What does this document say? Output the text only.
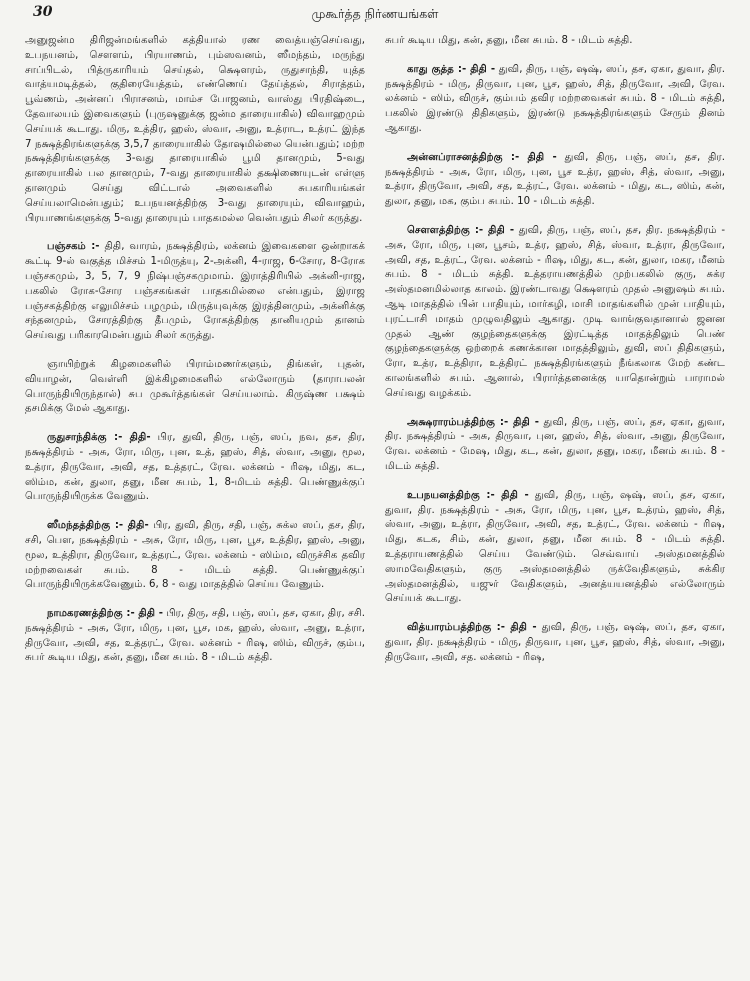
30	முகூர்த்த நிர்ணயங்கள்

அனுஜன்ம திரிஜன்மங்களில் கத்தியால் ரண வைத்யஞ்செய்வது, உபநயனம், சௌளம், பிரயாணம், பும்ஸவனம், ஸீமந்தம், மருந்து சாப்பிடல், பித்ருகாரியம் செய்தல், க்ஷௌரம், ருதுசாந்தி, யுத்த வாத்யமடித்தல், குதிரையேத்தம், எண்ணெய் தேய்த்தல், சிராத்தம், பூவ்ணம், அன்னப் பிராசனம், மாம்ச போஜனம், வாஸ்து பிரதிஷ்டை, தேவாலயம் இவைகளும் (புருஷனுக்கு ஜன்ம தாரையாகில்) விவாஹமும் செய்யக் கூடாது. மிரு, உத்திர, ஹஸ், ஸ்வா, அனு, உத்ராட, உத்ரட் இந்த 7 நக்ஷத்திரங்களுக்கு 3,5,7 தாரையாகில் தோஷமில்லை யென்பதும்; மற்ற நக்ஷத்திரங்களுக்கு 3-வது தாரையாகில் பூமி தானமும், 5-வது தாரையாகில் பல தானமும், 7-வது தாரையாகில் தக்ஷிணையுடன் எள்ளு தானமும் செய்து விட்டால் அவைகளில் சுபகாரியங்கள் செய்யலாமென்பதும்; உபநயனத்திற்கு 3-வது தாரையும், விவாஹம், பிரயாணங்களுக்கு 5-வது தாரையும் பாதகமல்ல வென்பதும் சிலர் கருத்து.

பஞ்சகம் :- திதி, வாரம், நக்ஷத்திரம், லக்னம் இவைகளை ஒன்றாகக் கூட்டி 9-ல் வகுத்த மிச்சம் 1-மிருத்யு, 2-அக்னி, 4-ராஜ, 6-சோர, 8-ரோக பஞ்சகமும், 3, 5, 7, 9 நிஷ்பஞ்சகமுமாம். இராத்திரியில் அக்னி-ராஜ, பகலில் ரோக-சோர பஞ்சகங்கள் பாதகமில்லை என்பதும், இராஜ பஞ்சகத்திற்கு எலுமிச்சம் பழமும், மிருத்யுவுக்கு இரத்தினமும், அக்னிக்கு சந்தனமும், சோரத்திற்கு தீபமும், ரோகத்திற்கு தானியமும் தானம் செய்வது பரிகாரமென்பதும் சிலர் கருத்து.

ஞாயிற்றுக் கிழமைகளில் பிராம்மணர்களும், திங்கள், புதன், வியாழன், வெள்ளி இக்கிழமைகளில் எல்லோரும் (தாராபலன் பொருந்தியிருந்தால்) சுப முகூர்த்தங்கள் செய்யலாம். கிருஷ்ண பக்ஷம் தசமிக்கு மேல் ஆகாது.

ருதுசாந்திக்கு :- திதி- பிர, துவி, திரு, பஞ், ஸப், நவ, தச, திர, நக்ஷத்திரம் - அசு, ரோ, மிரு, புன, உத், ஹஸ், சித், ஸ்வா, அனு, மூல, உத்ரா, திருவோ, அவி, சத, உத்தரட், ரேவ. லக்னம் - ரிஷ, மிது, கட, ஸிம்ம, கன், துலா, தனு, மீன சுபம், 1, 8-மிடம் சுத்தி. பெண்ணுக்குப் பொருந்தியிருக்க வேணும்.

ஸீமந்தத்திற்கு :- திதி- பிர, துவி, திரு, சதி, பஞ், சுக்ல ஸப், தச, திர, சசி, பௌ, நக்ஷத்திரம் - அசு, ரோ, மிரு, புன, பூச, உத்திர, ஹஸ், அனு, மூல, உத்திரா, திருவோ, உத்தரட், ரேவ. லக்னம் - ஸிம்ம, விருச்சிக தவிர மற்றவைகள் சுபம். 8 - மிடம் சுத்தி. பெண்ணுக்குப் பொருந்தியிருக்கவேணும். 6, 8 - வது மாதத்தில் செய்ய வேணும்.

நாமகரணத்திற்கு :- திதி - பிர, திரு, சதி, பஞ், ஸப், தச, ஏகா, திர, சசி. நக்ஷத்திரம் - அசு, ரோ, மிரு, புன, பூச, மக, ஹஸ், ஸ்வா, அனு, உத்ரா, திருவோ, அவி, சத, உத்தரட், ரேவ. லக்னம் - ரிஷ, ஸிம், விருச், கும்ப, சுபர் கூடிய மிது, கன், தனு, மீன சுபம். 8 - மிடம் சுத்தி.

சுபர் கூடிய மிது, கன், தனு, மீன சுபம். 8 - மிடம் சுத்தி.

காது குத்த :- திதி - துவி, திரு, பஞ், ஷஷ், ஸப், தச, ஏகா, துவா, திர. நக்ஷத்திரம் - மிரு, திருவா, புன, பூச, ஹஸ், சித், திருவோ, அவி, ரேவ. லக்னம் - ஸிம், விருச், கும்பம் தவிர மற்றவைகள் சுபம். 8 - மிடம் சுத்தி, பகலில் இரண்டு திதிகளும், இரண்டு நக்ஷத்திரங்களும் சேரும் தினம் ஆகாது.

அன்னப்ராசனத்திற்கு :- திதி - துவி, திரு, பஞ், ஸப், தச, திர. நக்ஷத்திரம் - அசு, ரோ, மிரு, புன, பூச உத்ர, ஹஸ், சித், ஸ்வா, அனு, உத்ரா, திருவோ, அவி, சத, உத்ரட், ரேவ. லக்னம் - மிது, கட, ஸிம், கன், துலா, தனு, மக, கும்ப சுபம். 10 - மிடம் சுத்தி.

சௌளத்திற்கு :- திதி - துவி, திரு, பஞ், ஸப், தச, திர. நக்ஷத்திரம் - அசு, ரோ, மிரு, புன, பூசம், உத்ர, ஹஸ், சித், ஸ்வா, உத்ரா, திருவோ, அவி, சத, உத்ரட், ரேவ. லக்னம் - ரிஷ, மிது, கட, கன், துலா, மகர, மீனம் சுபம். 8 - மிடம் சுத்தி. உத்தராயணத்தில் முற்பகலில் குரு, சுக்ர அஸ்தமனமில்லாத காலம். இரண்டாவது க்ஷௌரம் முதல் அனுஷம் சுபம். ஆடி மாதத்தில் பின் பாதியும், மார்கழி, மாசி மாதங்களில் முன் பாதியும், புரட்டாசி மாதம் முழுவதிலும் ஆகாது. முடி வாங்குவதானால் ஜனன முதல் ஆண் குழந்தைகளுக்கு இரட்டித்த மாதத்திலும் பெண் குழந்தைகளுக்கு ஒற்றைக் கணக்கான மாதத்திலும், துவி, ஸப் திதிகளும், ரோ, உத்ர, உத்திரா, உத்திரட் நக்ஷத்திரங்களும் நீங்கலாக மேற் கண்ட காலங்களில் சுபம். ஆனால், பிரார்த்தனைக்கு யாதொன்றும் பாராமல் செய்வது வழக்கம்.

அக்ஷராரம்பத்திற்கு :- திதி - துவி, திரு, பஞ், ஸப், தச, ஏகா, துவா, திர. நக்ஷத்திரம் - அசு, திருவா, புன, ஹஸ், சித், ஸ்வா, அனு, திருவோ, ரேவ. லக்னம் - மேஷ, மிது, கட, கன், துலா, தனு, மகர, மீனம் சுபம். 8 - மிடம் சுத்தி.

உபநயனத்திற்கு :- திதி - துவி, திரு, பஞ், ஷஷ், ஸப், தச, ஏகா, துவா, திர. நக்ஷத்திரம் - அசு, ரோ, மிரு, புன, பூச, உத்ரம், ஹஸ், சித், ஸ்வா, அனு, உத்ரா, திருவோ, அவி, சத, உத்ரட், ரேவ. லக்னம் - ரிஷ, மிது, கடக, சிம், கன், துலா, தனு, மீன சுபம். 8 - மிடம் சுத்தி. உத்தராயணத்தில் செய்ய வேண்டும். செவ்வாய் அஸ்தமனத்தில் ஸாமவேதிகளும், குரு அஸ்தமனத்தில் ருக்வேதிகளும், சுக்கிர அஸ்தமனத்தில், யஜுர் வேதிகளும், அனத்யயனத்தில் எல்லோரும் செய்யக் கூடாது.

வித்யாரம்பத்திற்கு :- திதி - துவி, திரு, பஞ், ஷஷ், ஸப், தச, ஏகா, துவா, திர. நக்ஷத்திரம் - மிரு, திருவா, புன, பூச, ஹஸ், சித், ஸ்வா, அனு, திருவோ, அவி, சத. லக்னம் - ரிஷ,
